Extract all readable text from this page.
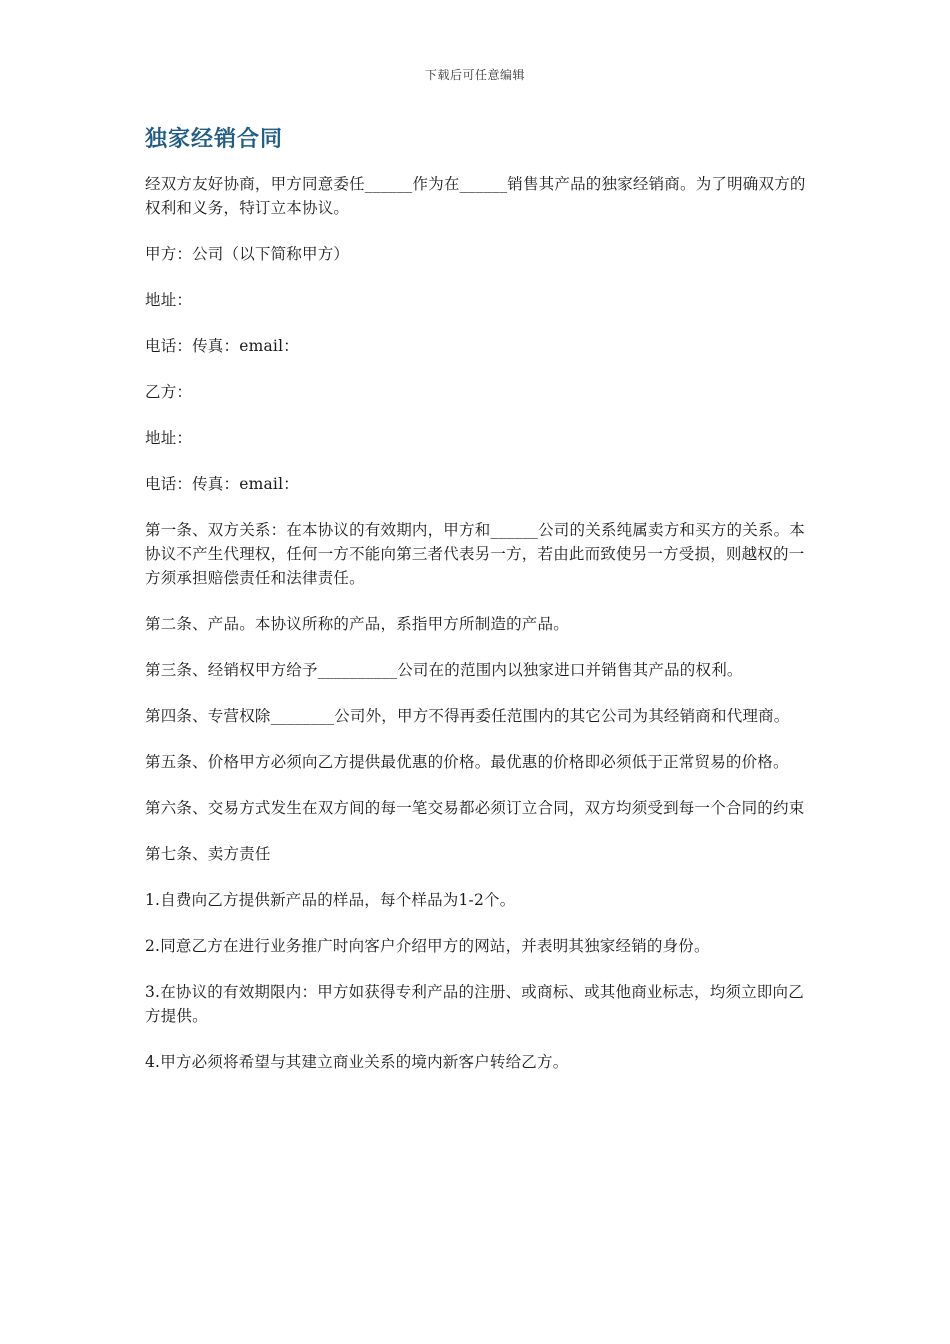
下载后可任意编辑
独家经销合同

经双方友好协商，甲方同意委任______作为在______销售其产品的独家经销商。为了明确双方的权利和义务，特订立本协议。

甲方：公司（以下简称甲方）

地址：

电话：传真：email：

乙方：

地址：

电话：传真：email：

第一条、双方关系：在本协议的有效期内，甲方和______公司的关系纯属卖方和买方的关系。本协议不产生代理权，任何一方不能向第三者代表另一方，若由此而致使另一方受损，则越权的一方须承担赔偿责任和法律责任。

第二条、产品。本协议所称的产品，系指甲方所制造的产品。

第三条、经销权甲方给予__________公司在的范围内以独家进口并销售其产品的权利。

第四条、专营权除________公司外，甲方不得再委任范围内的其它公司为其经销商和代理商。

第五条、价格甲方必须向乙方提供最优惠的价格。最优惠的价格即必须低于正常贸易的价格。

第六条、交易方式发生在双方间的每一笔交易都必须订立合同，双方均须受到每一个合同的约束

第七条、卖方责任

1.自费向乙方提供新产品的样品，每个样品为1-2个。

2.同意乙方在进行业务推广时向客户介绍甲方的网站，并表明其独家经销的身份。

3.在协议的有效期限内：甲方如获得专利产品的注册、或商标、或其他商业标志，均须立即向乙方提供。

4.甲方必须将希望与其建立商业关系的境内新客户转给乙方。
